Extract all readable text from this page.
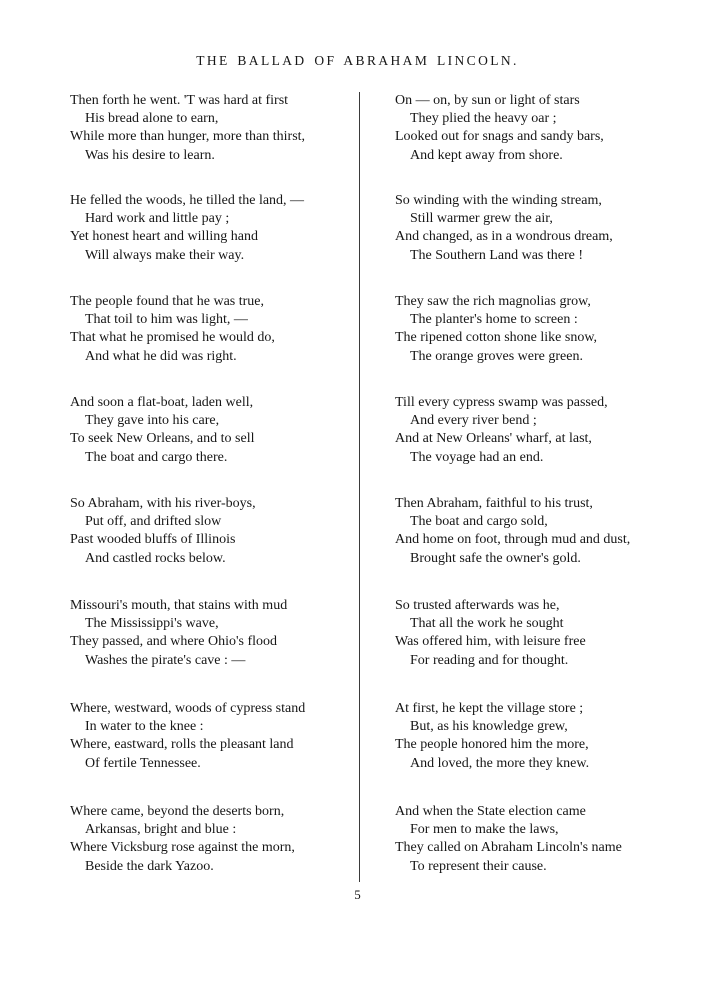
THE BALLAD OF ABRAHAM LINCOLN.
Then forth he went. 'T was hard at first
His bread alone to earn,
While more than hunger, more than thirst,
Was his desire to learn.
He felled the woods, he tilled the land, —
Hard work and little pay ;
Yet honest heart and willing hand
Will always make their way.
The people found that he was true,
That toil to him was light, —
That what he promised he would do,
And what he did was right.
And soon a flat-boat, laden well,
They gave into his care,
To seek New Orleans, and to sell
The boat and cargo there.
So Abraham, with his river-boys,
Put off, and drifted slow
Past wooded bluffs of Illinois
And castled rocks below.
Missouri's mouth, that stains with mud
The Mississippi's wave,
They passed, and where Ohio's flood
Washes the pirate's cave : —
Where, westward, woods of cypress stand
In water to the knee :
Where, eastward, rolls the pleasant land
Of fertile Tennessee.
Where came, beyond the deserts born,
Arkansas, bright and blue :
Where Vicksburg rose against the morn,
Beside the dark Yazoo.
On — on, by sun or light of stars
They plied the heavy oar ;
Looked out for snags and sandy bars,
And kept away from shore.
So winding with the winding stream,
Still warmer grew the air,
And changed, as in a wondrous dream,
The Southern Land was there !
They saw the rich magnolias grow,
The planter's home to screen :
The ripened cotton shone like snow,
The orange groves were green.
Till every cypress swamp was passed,
And every river bend ;
And at New Orleans' wharf, at last,
The voyage had an end.
Then Abraham, faithful to his trust,
The boat and cargo sold,
And home on foot, through mud and dust,
Brought safe the owner's gold.
So trusted afterwards was he,
That all the work he sought
Was offered him, with leisure free
For reading and for thought.
At first, he kept the village store ;
But, as his knowledge grew,
The people honored him the more,
And loved, the more they knew.
And when the State election came
For men to make the laws,
They called on Abraham Lincoln's name
To represent their cause.
5
